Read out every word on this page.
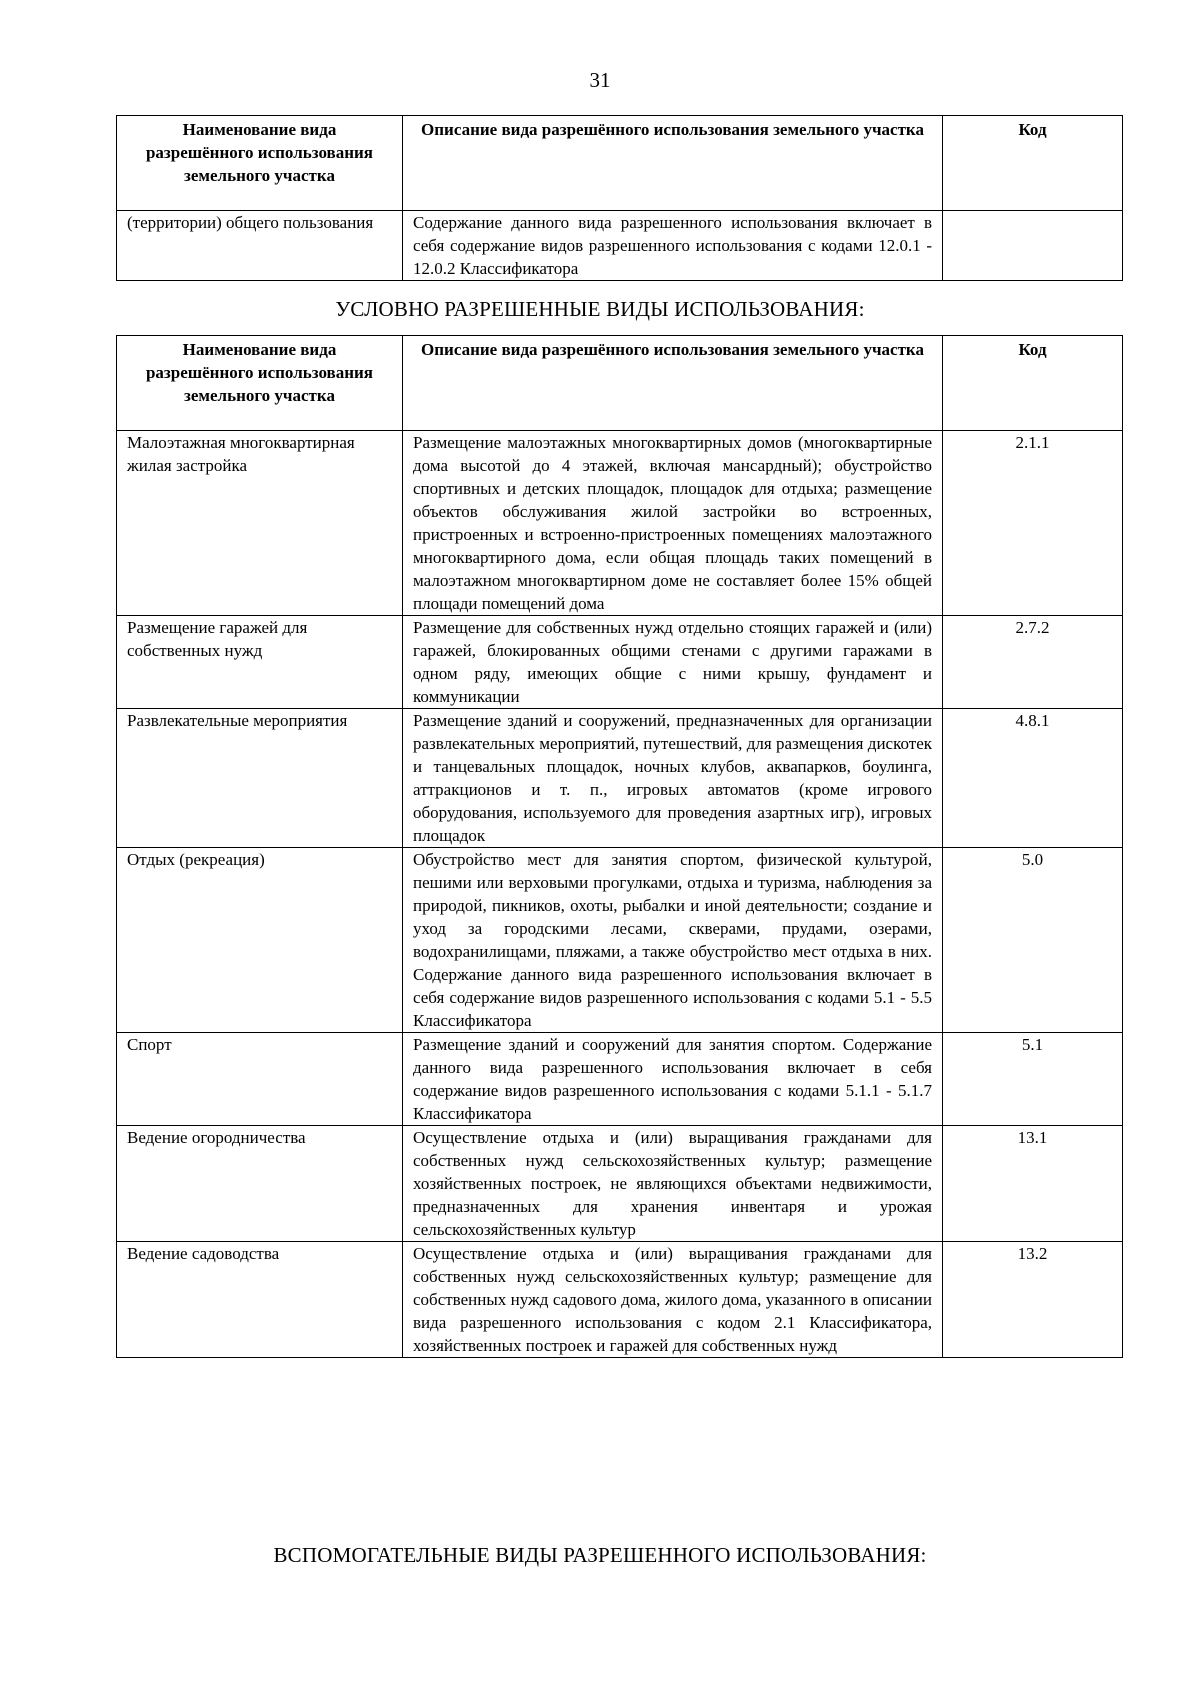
31
Наименование вида разрешённого использования земельного участка	Описание вида разрешённого использования земельного участка	Код
(территории) общего пользования	Содержание данного вида разрешенного использования включает в себя содержание видов разрешенного использования с кодами 12.0.1 - 12.0.2 Классификатора	
УСЛОВНО РАЗРЕШЕННЫЕ ВИДЫ ИСПОЛЬЗОВАНИЯ:
Наименование вида разрешённого использования земельного участка	Описание вида разрешённого использования земельного участка	Код
Малоэтажная многоквартирная жилая застройка	Размещение малоэтажных многоквартирных домов (многоквартирные дома высотой до 4 этажей, включая мансардный); обустройство спортивных и детских площадок, площадок для отдыха; размещение объектов обслуживания жилой застройки во встроенных, пристроенных и встроенно-пристроенных помещениях малоэтажного многоквартирного дома, если общая площадь таких помещений в малоэтажном многоквартирном доме не составляет более 15% общей площади помещений дома	2.1.1
Размещение гаражей для собственных нужд	Размещение для собственных нужд отдельно стоящих гаражей и (или) гаражей, блокированных общими стенами с другими гаражами в одном ряду, имеющих общие с ними крышу, фундамент и коммуникации	2.7.2
Развлекательные мероприятия	Размещение зданий и сооружений, предназначенных для организации развлекательных мероприятий, путешествий, для размещения дискотек и танцевальных площадок, ночных клубов, аквапарков, боулинга, аттракционов и т. п., игровых автоматов (кроме игрового оборудования, используемого для проведения азартных игр), игровых площадок	4.8.1
Отдых (рекреация)	Обустройство мест для занятия спортом, физической культурой, пешими или верховыми прогулками, отдыха и туризма, наблюдения за природой, пикников, охоты, рыбалки и иной деятельности; создание и уход за городскими лесами, скверами, прудами, озерами, водохранилищами, пляжами, а также обустройство мест отдыха в них. Содержание данного вида разрешенного использования включает в себя содержание видов разрешенного использования с кодами 5.1 - 5.5 Классификатора	5.0
Спорт	Размещение зданий и сооружений для занятия спортом. Содержание данного вида разрешенного использования включает в себя содержание видов разрешенного использования с кодами 5.1.1 - 5.1.7 Классификатора	5.1
Ведение огородничества	Осуществление отдыха и (или) выращивания гражданами для собственных нужд сельскохозяйственных культур; размещение хозяйственных построек, не являющихся объектами недвижимости, предназначенных для хранения инвентаря и урожая сельскохозяйственных культур	13.1
Ведение садоводства	Осуществление отдыха и (или) выращивания гражданами для собственных нужд сельскохозяйственных культур; размещение для собственных нужд садового дома, жилого дома, указанного в описании вида разрешенного использования с кодом 2.1 Классификатора, хозяйственных построек и гаражей для собственных нужд	13.2
ВСПОМОГАТЕЛЬНЫЕ ВИДЫ РАЗРЕШЕННОГО ИСПОЛЬЗОВАНИЯ:
